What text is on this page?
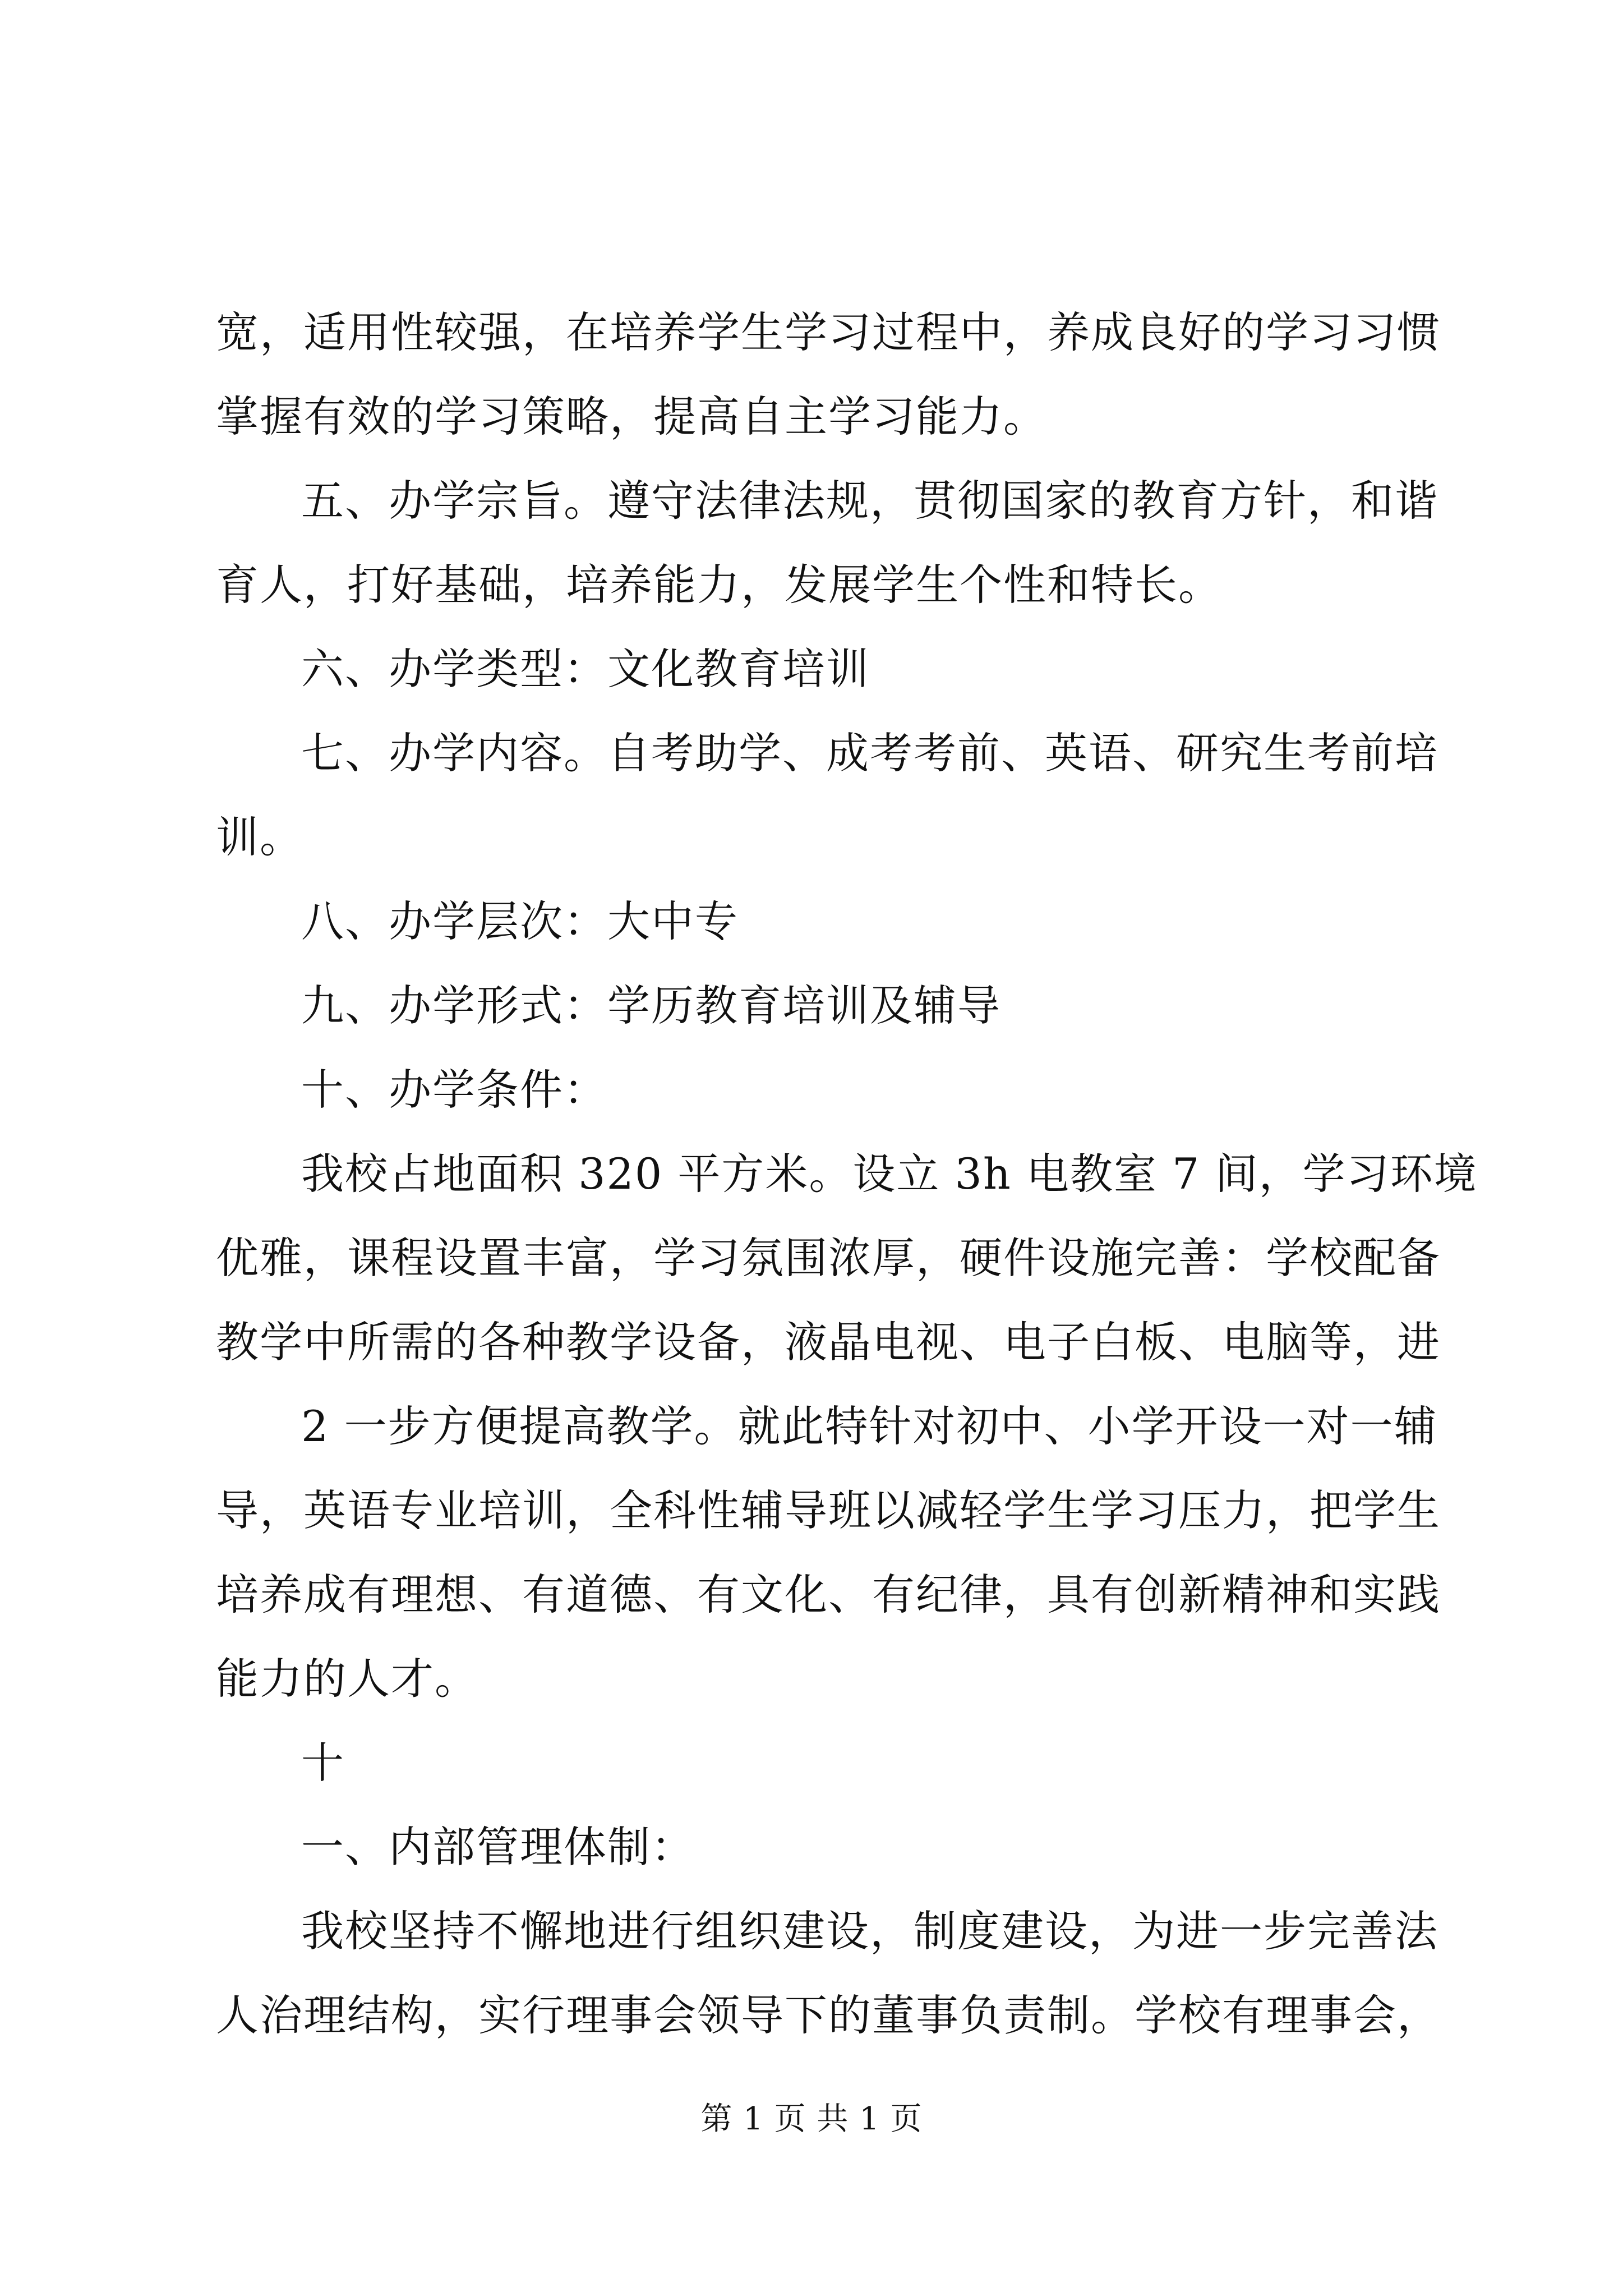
宽，适用性较强，在培养学生学习过程中，养成良好的学习习惯
掌握有效的学习策略，提高自主学习能力。
五、办学宗旨。遵守法律法规，贯彻国家的教育方针，和谐
育人，打好基础，培养能力，发展学生个性和特长。
六、办学类型：文化教育培训
七、办学内容。自考助学、成考考前、英语、研究生考前培
训。
八、办学层次：大中专
九、办学形式：学历教育培训及辅导
十、办学条件：
我校占地面积 320 平方米。设立 3h 电教室 7 间，学习环境
优雅，课程设置丰富，学习氛围浓厚，硬件设施完善：学校配备
教学中所需的各种教学设备，液晶电视、电子白板、电脑等，进
2 一步方便提高教学。就此特针对初中、小学开设一对一辅
导，英语专业培训，全科性辅导班以减轻学生学习压力，把学生
培养成有理想、有道德、有文化、有纪律，具有创新精神和实践
能力的人才。
十
一、内部管理体制：
我校坚持不懈地进行组织建设，制度建设，为进一步完善法
人治理结构，实行理事会领导下的董事负责制。学校有理事会，
第 1 页 共 1 页
